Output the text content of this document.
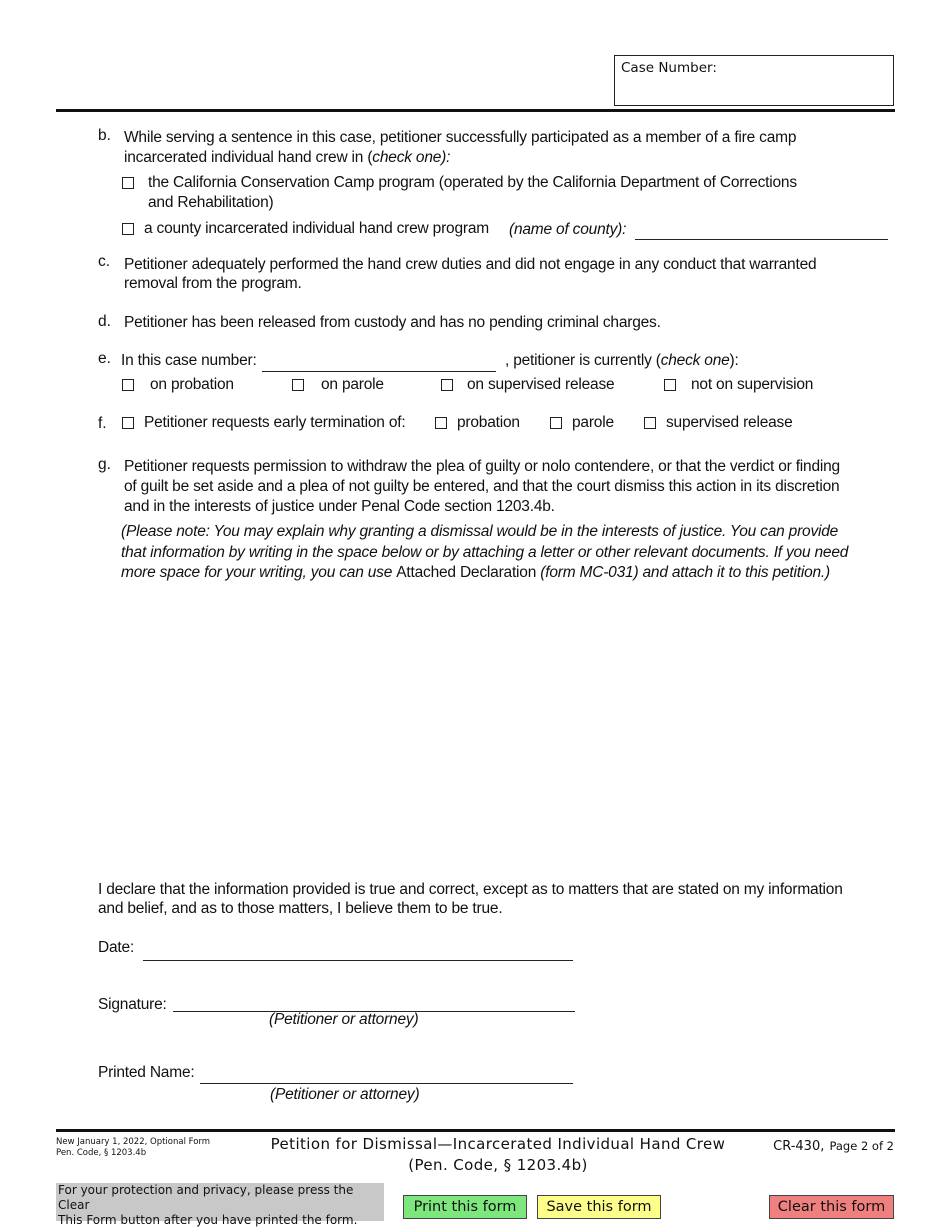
Case Number:
b. While serving a sentence in this case, petitioner successfully participated as a member of a fire camp
incarcerated individual hand crew in (check one):
the California Conservation Camp program (operated by the California Department of Corrections
and Rehabilitation)
a county incarcerated individual hand crew program (name of county):
c. Petitioner adequately performed the hand crew duties and did not engage in any conduct that warranted
removal from the program.
d. Petitioner has been released from custody and has no pending criminal charges.
e. In this case number:	, petitioner is currently (check one):
on probation	on parole	on supervised release	not on supervision
f. Petitioner requests early termination of:	probation	parole	supervised release
g. Petitioner requests permission to withdraw the plea of guilty or nolo contendere, or that the verdict or finding
of guilt be set aside and a plea of not guilty be entered, and that the court dismiss this action in its discretion
and in the interests of justice under Penal Code section 1203.4b.
(Please note: You may explain why granting a dismissal would be in the interests of justice. You can provide
that information by writing in the space below or by attaching a letter or other relevant documents. If you need
more space for your writing, you can use Attached Declaration (form MC-031) and attach it to this petition.)
I declare that the information provided is true and correct, except as to matters that are stated on my information
and belief, and as to those matters, I believe them to be true.
Date:
Signature:
(Petitioner or attorney)
Printed Name:
(Petitioner or attorney)
New January 1, 2022, Optional Form
Pen. Code, § 1203.4b	Petition for Dismissal—Incarcerated Individual Hand Crew
(Pen. Code, § 1203.4b)
CR-430, Page 2 of 2
For your protection and privacy, please press the Clear
This Form button after you have printed the form.
Print this form	Save this form	Clear this form
